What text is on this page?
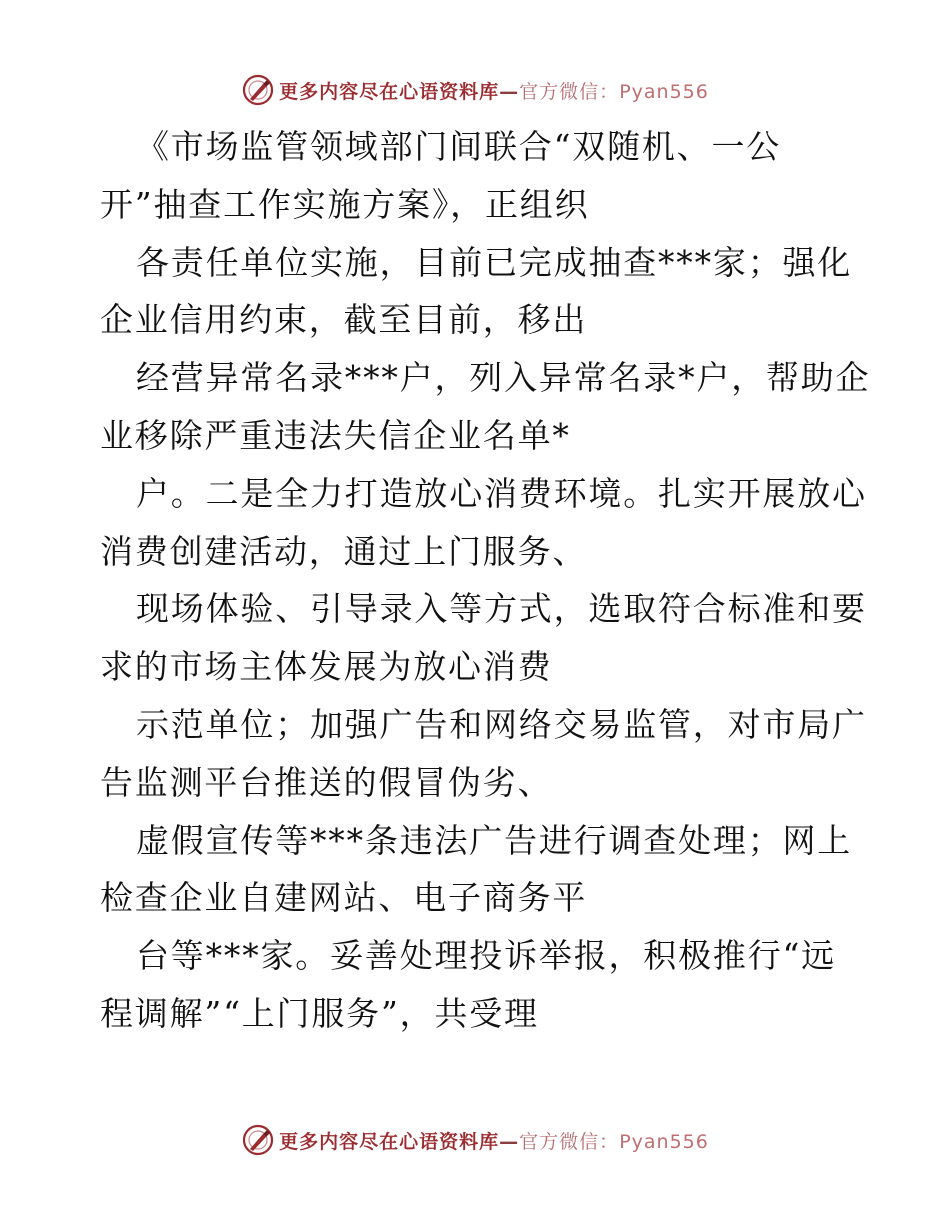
更多内容尽在心语资料库—官方微信：Pyan556
《市场监管领域部门间联合“双随机、一公
开”抽查工作实施方案》，正组织
各责任单位实施，目前已完成抽查***家；强化
企业信用约束，截至目前，移出
经营异常名录***户，列入异常名录*户，帮助企
业移除严重违法失信企业名单*
户。二是全力打造放心消费环境。扎实开展放心
消费创建活动，通过上门服务、
现场体验、引导录入等方式，选取符合标准和要
求的市场主体发展为放心消费
示范单位；加强广告和网络交易监管，对市局广
告监测平台推送的假冒伪劣、
虚假宣传等***条违法广告进行调查处理；网上
检查企业自建网站、电子商务平
台等***家。妥善处理投诉举报，积极推行“远
程调解”“上门服务”，共受理
更多内容尽在心语资料库—官方微信：Pyan556
